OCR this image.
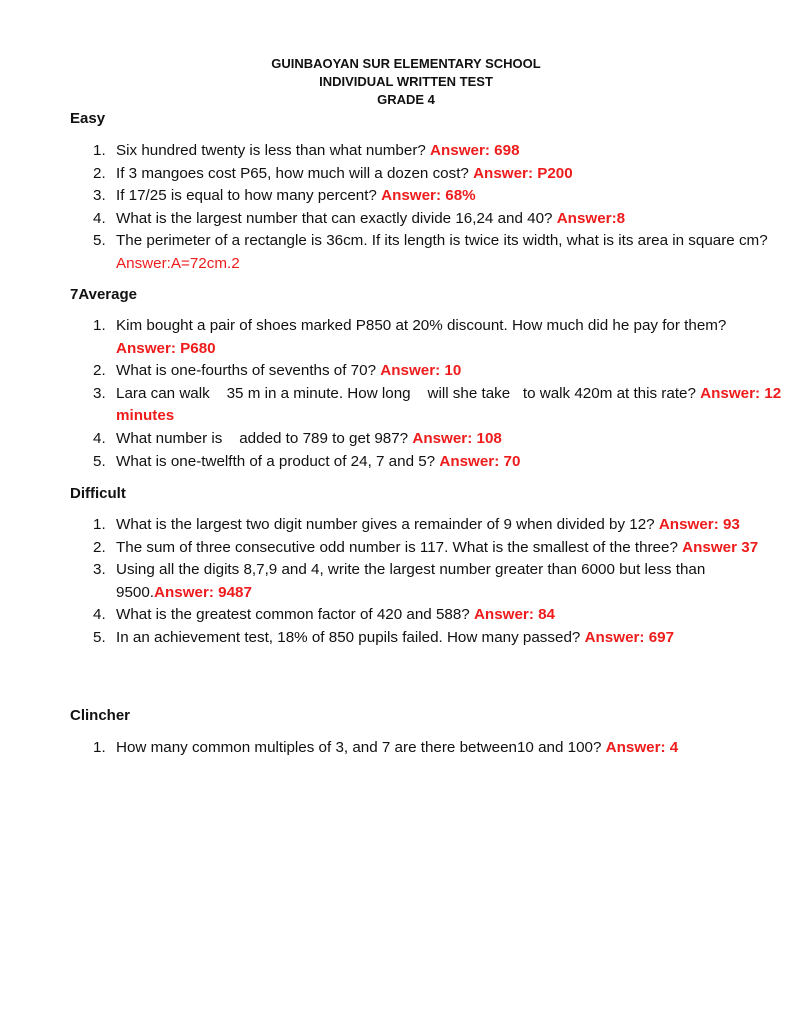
GUINBAOYAN SUR ELEMENTARY SCHOOL
INDIVIDUAL WRITTEN TEST
GRADE 4
Easy
Six hundred twenty is less than what number? Answer: 698
If 3 mangoes cost P65, how much will a dozen cost? Answer: P200
If 17/25 is equal to how many percent? Answer: 68%
What is the largest number that can exactly divide 16,24 and 40? Answer:8
The perimeter of a rectangle is 36cm. If its length is twice its width, what is its area in square cm? Answer:A=72cm.2
7Average
Kim bought a pair of shoes marked P850 at 20% discount. How much did he pay for them? Answer: P680
What is one-fourths of sevenths of 70? Answer: 10
Lara can walk    35 m in a minute. How long    will she take   to walk 420m at this rate? Answer: 12 minutes
What number is    added to 789 to get 987? Answer: 108
What is one-twelfth of a product of 24, 7 and 5? Answer: 70
Difficult
What is the largest two digit number gives a remainder of 9 when divided by 12? Answer: 93
The sum of three consecutive odd number is 117. What is the smallest of the three? Answer 37
Using all the digits 8,7,9 and 4, write the largest number greater than 6000 but less than 9500.Answer: 9487
What is the greatest common factor of 420 and 588? Answer: 84
In an achievement test, 18% of 850 pupils failed. How many passed? Answer: 697
Clincher
How many common multiples of 3, and 7 are there between10 and 100? Answer: 4
